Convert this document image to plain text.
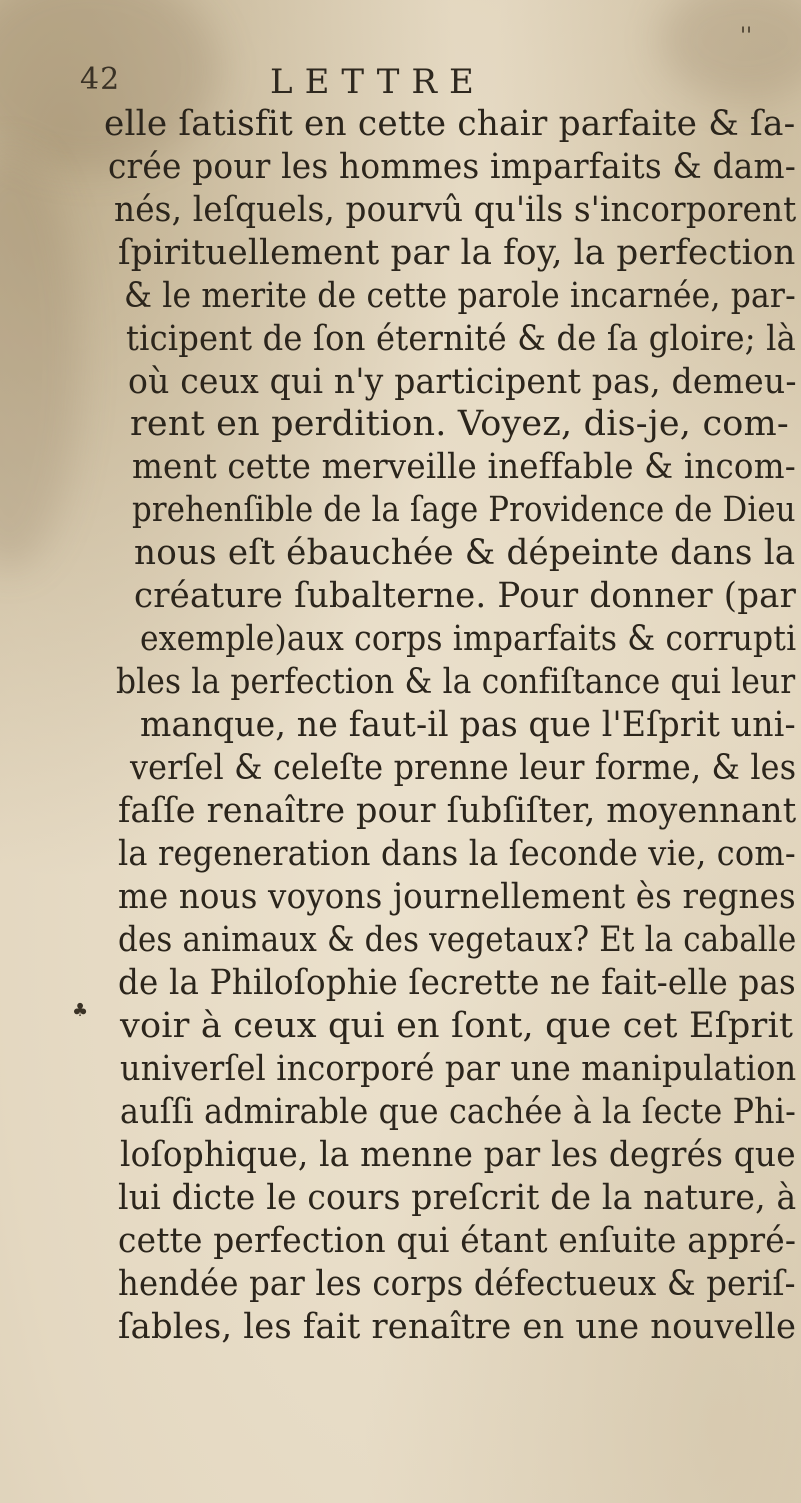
42	LETTRE
''
elle ſatisfit en cette chair parfaite & ſa-
crée pour les hommes imparfaits & dam-
nés, leſquels, pourvû qu'ils s'incorporent
ſpirituellement par la foy, la perfection
& le merite de cette parole incarnée, par-
ticipent de ſon éternité & de ſa gloire; là
où ceux qui n'y participent pas, demeu-
rent en perdition. Voyez, dis-je, com-
ment cette merveille ineffable & incom-
prehenſible de la ſage Providence de Dieu
nous eſt ébauchée & dépeinte dans la
créature ſubalterne. Pour donner (par
exemple)aux corps imparfaits & corrupti
bles la perfection & la confiſtance qui leur
manque, ne faut-il pas que l'Eſprit uni-
verſel & celeſte prenne leur forme, & les
faſſe renaître pour ſubſiſter, moyennant
la regeneration dans la ſeconde vie, com-
me nous voyons journellement ès regnes
des animaux & des vegetaux? Et la caballe
de la Philoſophie ſecrette ne fait-elle pas
voir à ceux qui en ſont, que cet Eſprit
univerſel incorporé par une manipulation
auſſi admirable que cachée à la ſecte Phi-
loſophique, la menne par les degrés que
lui dicte le cours preſcrit de la nature, à
cette perfection qui étant enſuite appré-
hendée par les corps défectueux & periſ-
ſables, les fait renaître en une nouvelle
♣
